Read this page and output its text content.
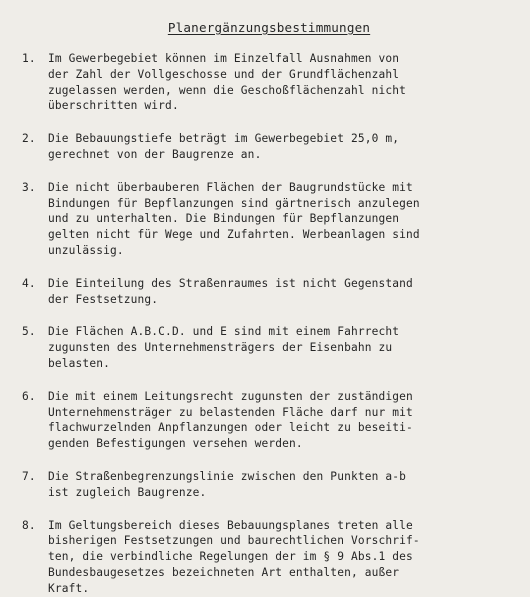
Planergänzungsbestimmungen
1.	Im Gewerbegebiet können im Einzelfall Ausnahmen von
der Zahl der Vollgeschosse und der Grundflächenzahl
zugelassen werden, wenn die Geschoßflächenzahl nicht
überschritten wird.
2.	Die Bebauungstiefe beträgt im Gewerbegebiet 25,0 m,
gerechnet von der Baugrenze an.
3.	Die nicht überbauberen Flächen der Baugrundstücke mit
Bindungen für Bepflanzungen sind gärtnerisch anzulegen
und zu unterhalten. Die Bindungen für Bepflanzungen
gelten nicht für Wege und Zufahrten. Werbeanlagen sind
unzulässig.
4.	Die Einteilung des Straßenraumes ist nicht Gegenstand
der Festsetzung.
5.	Die Flächen A.B.C.D. und E sind mit einem Fahrrecht
zugunsten des Unternehmensträgers der Eisenbahn zu
belasten.
6.	Die mit einem Leitungsrecht zugunsten der zuständigen
Unternehmensträger zu belastenden Fläche darf nur mit
flachwurzelnden Anpflanzungen oder leicht zu beseiti-
genden Befestigungen versehen werden.
7.	Die Straßenbegrenzungslinie zwischen den Punkten a-b
ist zugleich Baugrenze.
8.	Im Geltungsbereich dieses Bebauungsplanes treten alle
bisherigen Festsetzungen und baurechtlichen Vorschrif-
ten, die verbindliche Regelungen der im § 9 Abs.1 des
Bundesbaugesetzes bezeichneten Art enthalten, außer
Kraft.
